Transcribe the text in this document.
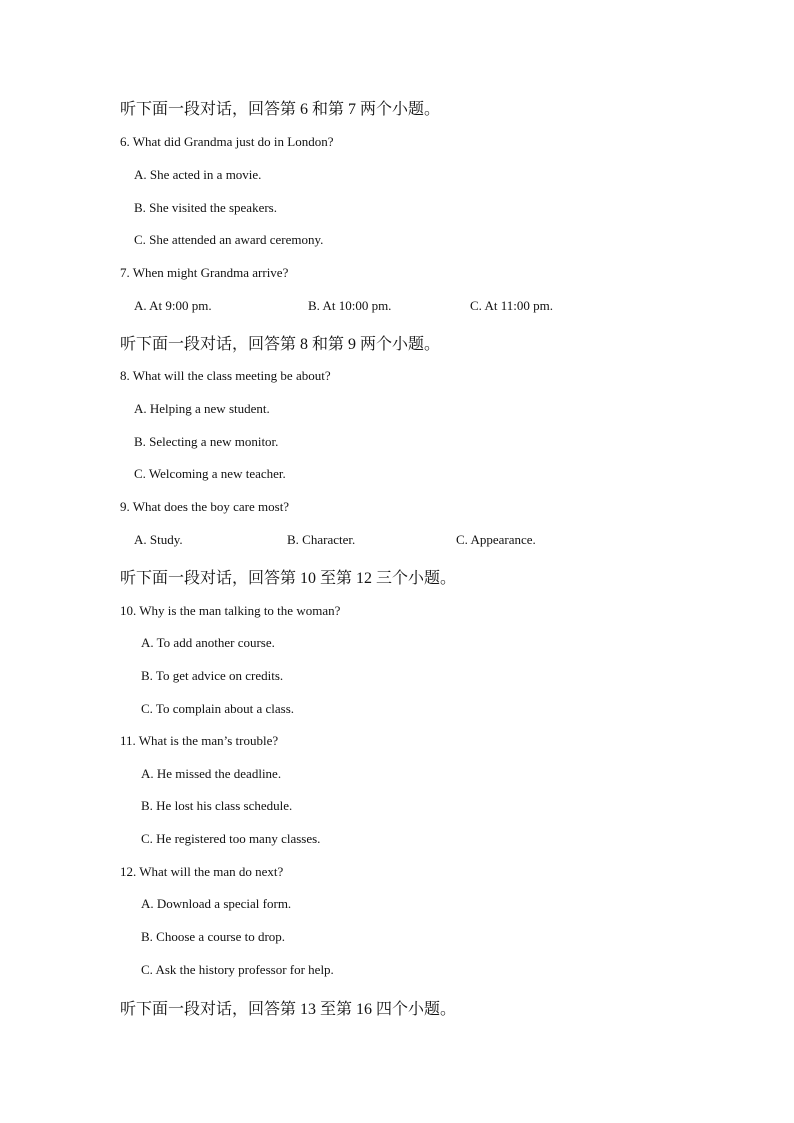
听下面一段对话，回答第 6 和第 7 两个小题。
6. What did Grandma just do in London?
A. She acted in a movie.
B. She visited the speakers.
C. She attended an award ceremony.
7. When might Grandma arrive?
A. At 9:00 pm.	B. At 10:00 pm.	C. At 11:00 pm.
听下面一段对话，回答第 8 和第 9 两个小题。
8. What will the class meeting be about?
A. Helping a new student.
B. Selecting a new monitor.
C. Welcoming a new teacher.
9. What does the boy care most?
A. Study.	B. Character.	C. Appearance.
听下面一段对话，回答第 10 至第 12 三个小题。
10. Why is the man talking to the woman?
A. To add another course.
B. To get advice on credits.
C. To complain about a class.
11. What is the man’s trouble?
A. He missed the deadline.
B. He lost his class schedule.
C. He registered too many classes.
12. What will the man do next?
A. Download a special form.
B. Choose a course to drop.
C. Ask the history professor for help.
听下面一段对话，回答第 13 至第 16 四个小题。
